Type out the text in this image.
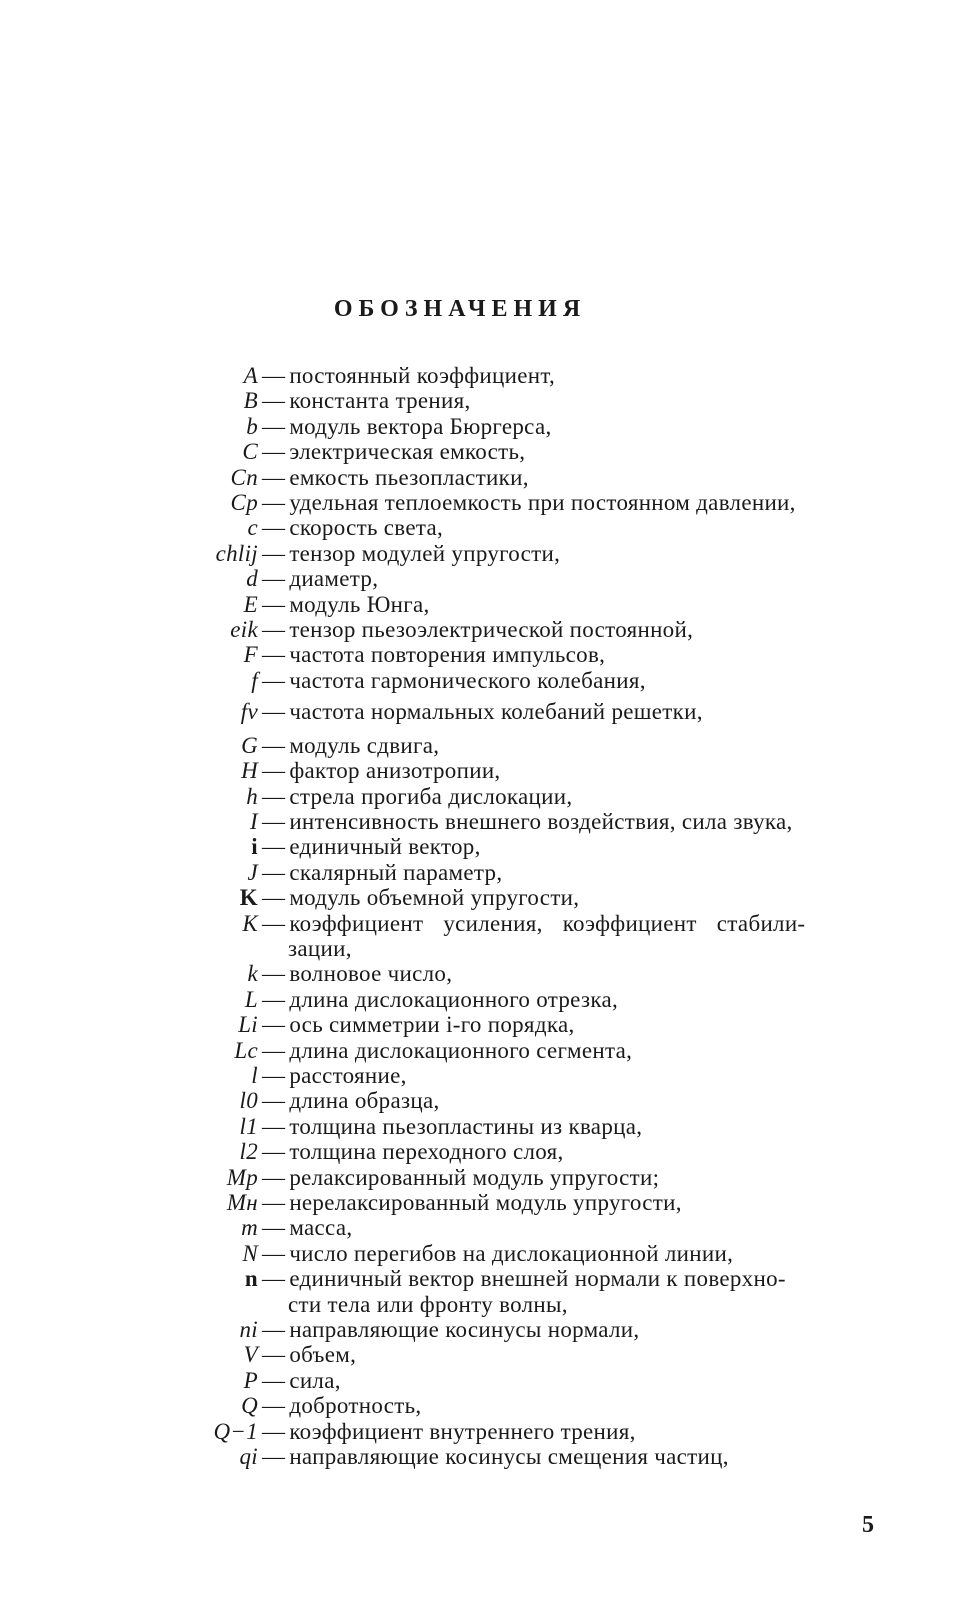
ОБОЗНАЧЕНИЯ
A — постоянный коэффициент,
B — константа трения,
b — модуль вектора Бюргерса,
C — электрическая емкость,
Cп — емкость пьезопластики,
Cp — удельная теплоемкость при постоянном давлении,
c — скорость света,
chlij — тензор модулей упругости,
d — диаметр,
E — модуль Юнга,
eik — тензор пьезоэлектрической постоянной,
F — частота повторения импульсов,
f — частота гармонического колебания,
fν — частота нормальных колебаний решетки,
G — модуль сдвига,
H — фактор анизотропии,
h — стрела прогиба дислокации,
I — интенсивность внешнего воздействия, сила звука,
i — единичный вектор,
J — скалярный параметр,
K — модуль объемной упругости,
K — коэффициент усиления, коэффициент стабили-
зации,
k — волновое число,
L — длина дислокационного отрезка,
Li — ось симметрии i-го порядка,
Lc — длина дислокационного сегмента,
l — расстояние,
l0 — длина образца,
l1 — толщина пьезопластины из кварца,
l2 — толщина переходного слоя,
Mp — релаксированный модуль упругости;
Mн — нерелаксированный модуль упругости,
m — масса,
N — число перегибов на дислокационной линии,
n — единичный вектор внешней нормали к поверхно-
сти тела или фронту волны,
ni — направляющие косинусы нормали,
V — объем,
P — сила,
Q — добротность,
Q−1 — коэффициент внутреннего трения,
qi — направляющие косинусы смещения частиц,
5
